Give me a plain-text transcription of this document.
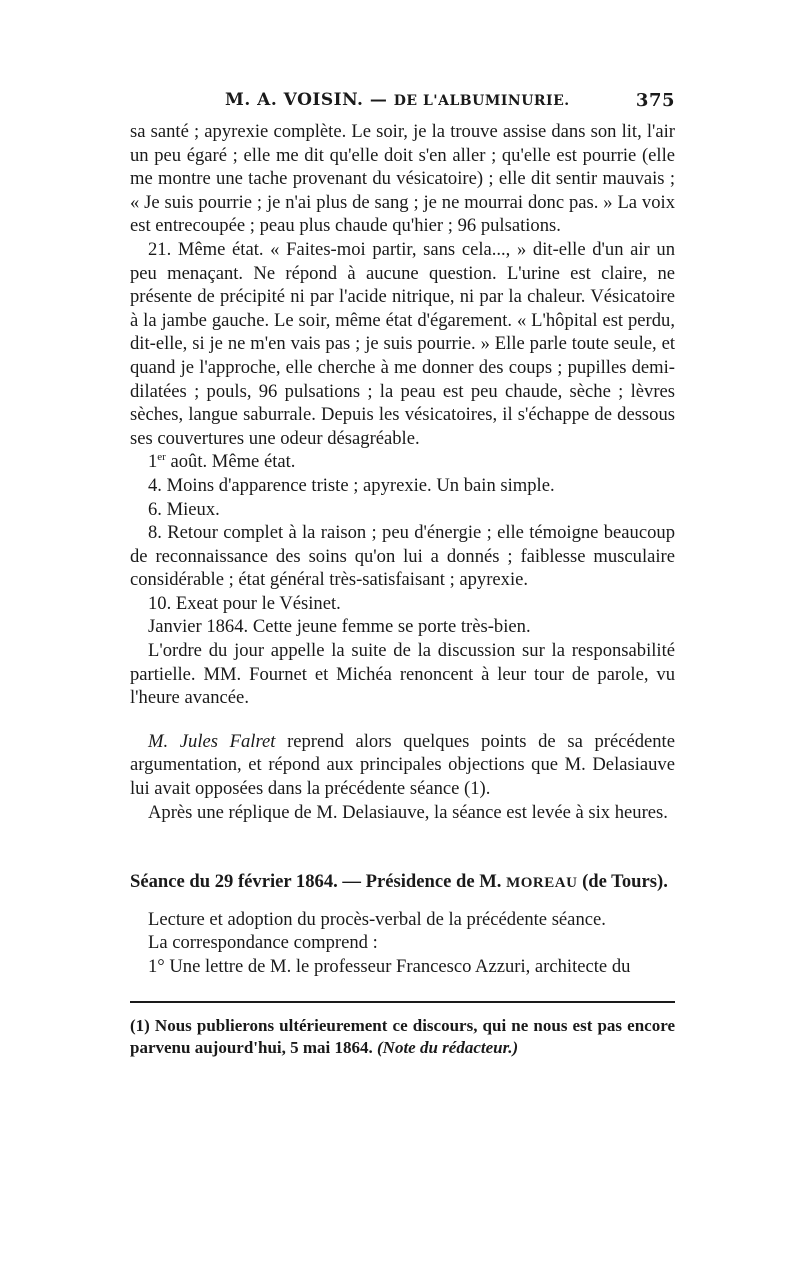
M. A. VOISIN. — DE L'ALBUMINURIE.	375

sa santé ; apyrexie complète. Le soir, je la trouve assise dans son lit, l'air un peu égaré ; elle me dit qu'elle doit s'en aller ; qu'elle est pourrie (elle me montre une tache provenant du vésicatoire) ; elle dit sentir mauvais ; « Je suis pourrie ; je n'ai plus de sang ; je ne mourrai donc pas. » La voix est entrecoupée ; peau plus chaude qu'hier ; 96 pulsations.

21. Même état. « Faites-moi partir, sans cela..., » dit-elle d'un air un peu menaçant. Ne répond à aucune question. L'urine est claire, ne présente de précipité ni par l'acide nitrique, ni par la chaleur. Vésicatoire à la jambe gauche. Le soir, même état d'égarement. « L'hôpital est perdu, dit-elle, si je ne m'en vais pas ; je suis pourrie. » Elle parle toute seule, et quand je l'approche, elle cherche à me donner des coups ; pupilles demi-dilatées ; pouls, 96 pulsations ; la peau est peu chaude, sèche ; lèvres sèches, langue saburrale. Depuis les vésicatoires, il s'échappe de dessous ses couvertures une odeur désagréable.

1er août. Même état.

4. Moins d'apparence triste ; apyrexie. Un bain simple.

6. Mieux.

8. Retour complet à la raison ; peu d'énergie ; elle témoigne beaucoup de reconnaissance des soins qu'on lui a donnés ; faiblesse musculaire considérable ; état général très-satisfaisant ; apyrexie.

10. Exeat pour le Vésinet.

Janvier 1864. Cette jeune femme se porte très-bien.

L'ordre du jour appelle la suite de la discussion sur la responsabilité partielle. MM. Fournet et Michéa renoncent à leur tour de parole, vu l'heure avancée.

M. Jules Falret reprend alors quelques points de sa précédente argumentation, et répond aux principales objections que M. Delasiauve lui avait opposées dans la précédente séance (1).

Après une réplique de M. Delasiauve, la séance est levée à six heures.

Séance du 29 février 1864. — Présidence de M. MOREAU (de Tours).

Lecture et adoption du procès-verbal de la précédente séance.

La correspondance comprend :

1° Une lettre de M. le professeur Francesco Azzuri, architecte du

(1) Nous publierons ultérieurement ce discours, qui ne nous est pas encore parvenu aujourd'hui, 5 mai 1864. (Note du rédacteur.)
